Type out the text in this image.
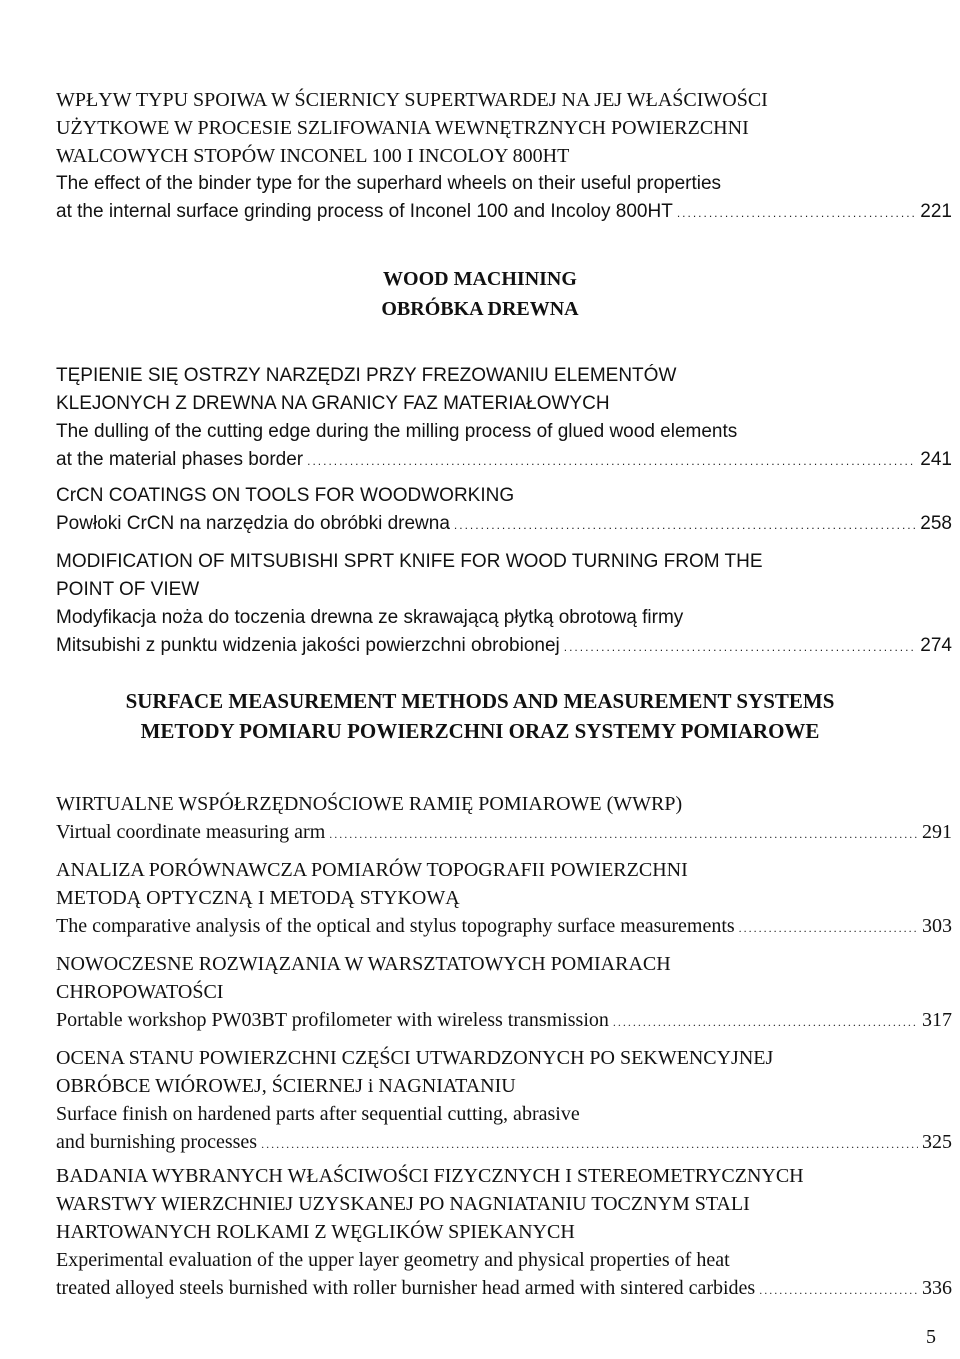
WPŁYW TYPU SPOIWA W ŚCIERNICY SUPERTWARDEJ NA JEJ WŁAŚCIWOŚCI
UŻYTKOWE W PROCESIE SZLIFOWANIA WEWNĘTRZNYCH POWIERZCHNI
WALCOWYCH STOPÓW INCONEL 100 I INCOLOY 800HT
The effect of the binder type for the superhard wheels on their useful properties
at the internal surface grinding process of Inconel 100 and Incoloy 800HT .....	221
WOOD MACHINING
OBRÓBKA DREWNA
TĘPIENIE SIĘ OSTRZY NARZĘDZI PRZY FREZOWANIU ELEMENTÓW
KLEJONYCH Z DREWNA NA GRANICY FAZ MATERIAŁOWYCH
The dulling of the cutting edge during the milling process of glued wood elements
at the material phases border .....	241
CrCN COATINGS ON TOOLS FOR WOODWORKING
Powłoki CrCN na narzędzia do obróbki drewna .....	258
MODIFICATION OF MITSUBISHI SPRT KNIFE FOR WOOD TURNING FROM THE
POINT OF VIEW
Modyfikacja noża do toczenia drewna ze skrawającą płytką obrotową firmy
Mitsubishi z punktu widzenia jakości powierzchni obrobionej .....	274
SURFACE MEASUREMENT METHODS AND MEASUREMENT SYSTEMS
METODY POMIARU POWIERZCHNI ORAZ SYSTEMY POMIAROWE
WIRTUALNE WSPÓŁRZĘDNOŚCIOWE RAMIĘ POMIAROWE (WWRP)
Virtual coordinate measuring arm .....	291
ANALIZA PORÓWNAWCZA POMIARÓW TOPOGRAFII POWIERZCHNI
METODĄ OPTYCZNĄ I METODĄ STYKOWĄ
The comparative analysis of the optical and stylus topography surface measurements .....	303
NOWOCZESNE ROZWIĄZANIA W WARSZTATOWYCH POMIARACH
CHROPOWATOŚCI
Portable workshop PW03BT profilometer with wireless transmission .....	317
OCENA STANU POWIERZCHNI CZĘŚCI UTWARDZONYCH PO SEKWENCYJNEJ
OBRÓBCE WIÓROWEJ, ŚCIERNEJ i NAGNIATANIU
Surface finish on hardened parts after sequential cutting, abrasive
and burnishing processes .....	325
BADANIA WYBRANYCH WŁAŚCIWOŚCI FIZYCZNYCH I STEREOMETRYCZNYCH
WARSTWY WIERZCHNIEJ UZYSKANEJ PO NAGNIATANIU TOCZNYM STALI
HARTOWANYCH ROLKAMI Z WĘGLIKÓW SPIEKANYCH
Experimental evaluation of the upper layer geometry and physical properties of heat
treated alloyed steels burnished with roller burnisher head armed with sintered carbides .....	336
5
